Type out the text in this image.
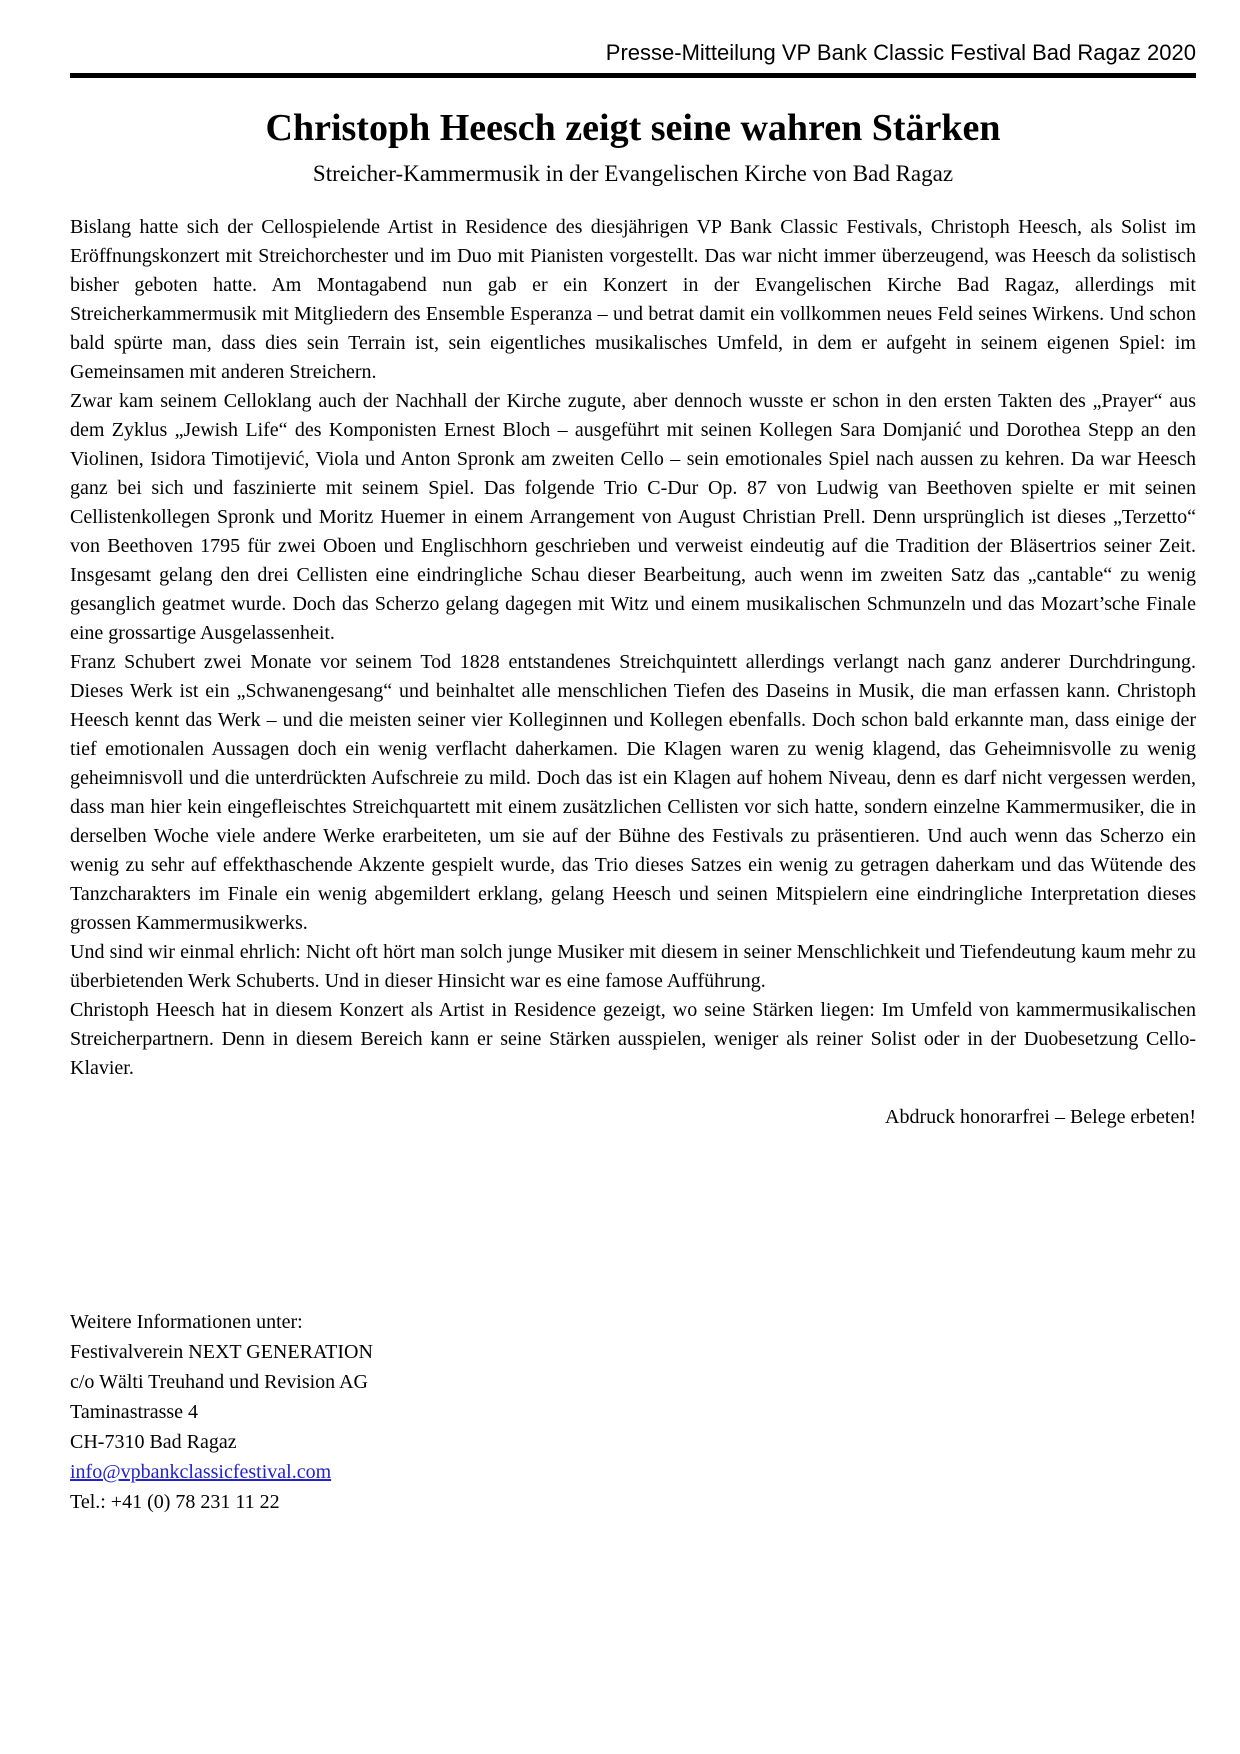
Presse-Mitteilung VP Bank Classic Festival Bad Ragaz 2020
Christoph Heesch zeigt seine wahren Stärken
Streicher-Kammermusik in der Evangelischen Kirche von Bad Ragaz

Bislang hatte sich der Cellospielende Artist in Residence des diesjährigen VP Bank Classic Festivals, Christoph Heesch, als Solist im Eröffnungskonzert mit Streichorchester und im Duo mit Pianisten vorgestellt. Das war nicht immer überzeugend, was Heesch da solistisch bisher geboten hatte. Am Montagabend nun gab er ein Konzert in der Evangelischen Kirche Bad Ragaz, allerdings mit Streicherkammermusik mit Mitgliedern des Ensemble Esperanza – und betrat damit ein vollkommen neues Feld seines Wirkens. Und schon bald spürte man, dass dies sein Terrain ist, sein eigentliches musikalisches Umfeld, in dem er aufgeht in seinem eigenen Spiel: im Gemeinsamen mit anderen Streichern.

Zwar kam seinem Celloklang auch der Nachhall der Kirche zugute, aber dennoch wusste er schon in den ersten Takten des „Prayer“ aus dem Zyklus „Jewish Life“ des Komponisten Ernest Bloch – ausgeführt mit seinen Kollegen Sara Domjanić und Dorothea Stepp an den Violinen, Isidora Timotijević, Viola und Anton Spronk am zweiten Cello – sein emotionales Spiel nach aussen zu kehren. Da war Heesch ganz bei sich und faszinierte mit seinem Spiel. Das folgende Trio C-Dur Op. 87 von Ludwig van Beethoven spielte er mit seinen Cellistenkollegen Spronk und Moritz Huemer in einem Arrangement von August Christian Prell. Denn ursprünglich ist dieses „Terzetto“ von Beethoven 1795 für zwei Oboen und Englischhorn geschrieben und verweist eindeutig auf die Tradition der Bläsertrios seiner Zeit. Insgesamt gelang den drei Cellisten eine eindringliche Schau dieser Bearbeitung, auch wenn im zweiten Satz das „cantable“ zu wenig gesanglich geatmet wurde. Doch das Scherzo gelang dagegen mit Witz und einem musikalischen Schmunzeln und das Mozart’sche Finale eine grossartige Ausgelassenheit.

Franz Schubert zwei Monate vor seinem Tod 1828 entstandenes Streichquintett allerdings verlangt nach ganz anderer Durchdringung. Dieses Werk ist ein „Schwanengesang“ und beinhaltet alle menschlichen Tiefen des Daseins in Musik, die man erfassen kann. Christoph Heesch kennt das Werk – und die meisten seiner vier Kolleginnen und Kollegen ebenfalls. Doch schon bald erkannte man, dass einige der tief emotionalen Aussagen doch ein wenig verflacht daherkamen. Die Klagen waren zu wenig klagend, das Geheimnisvolle zu wenig geheimnisvoll und die unterdrückten Aufschreie zu mild. Doch das ist ein Klagen auf hohem Niveau, denn es darf nicht vergessen werden, dass man hier kein eingefleischtes Streichquartett mit einem zusätzlichen Cellisten vor sich hatte, sondern einzelne Kammermusiker, die in derselben Woche viele andere Werke erarbeiteten, um sie auf der Bühne des Festivals zu präsentieren. Und auch wenn das Scherzo ein wenig zu sehr auf effekthaschende Akzente gespielt wurde, das Trio dieses Satzes ein wenig zu getragen daherkam und das Wütende des Tanzcharakters im Finale ein wenig abgemildert erklang, gelang Heesch und seinen Mitspielern eine eindringliche Interpretation dieses grossen Kammermusikwerks.

Und sind wir einmal ehrlich: Nicht oft hört man solch junge Musiker mit diesem in seiner Menschlichkeit und Tiefendeutung kaum mehr zu überbietenden Werk Schuberts. Und in dieser Hinsicht war es eine famose Aufführung.

Christoph Heesch hat in diesem Konzert als Artist in Residence gezeigt, wo seine Stärken liegen: Im Umfeld von kammermusikalischen Streicherpartnern. Denn in diesem Bereich kann er seine Stärken ausspielen, weniger als reiner Solist oder in der Duobesetzung Cello-Klavier.

Abdruck honorarfrei – Belege erbeten!

Weitere Informationen unter:
Festivalverein NEXT GENERATION
c/o Wälti Treuhand und Revision AG
Taminastrasse 4
CH-7310 Bad Ragaz
info@vpbankclassicfestival.com
Tel.: +41 (0) 78 231 11 22
